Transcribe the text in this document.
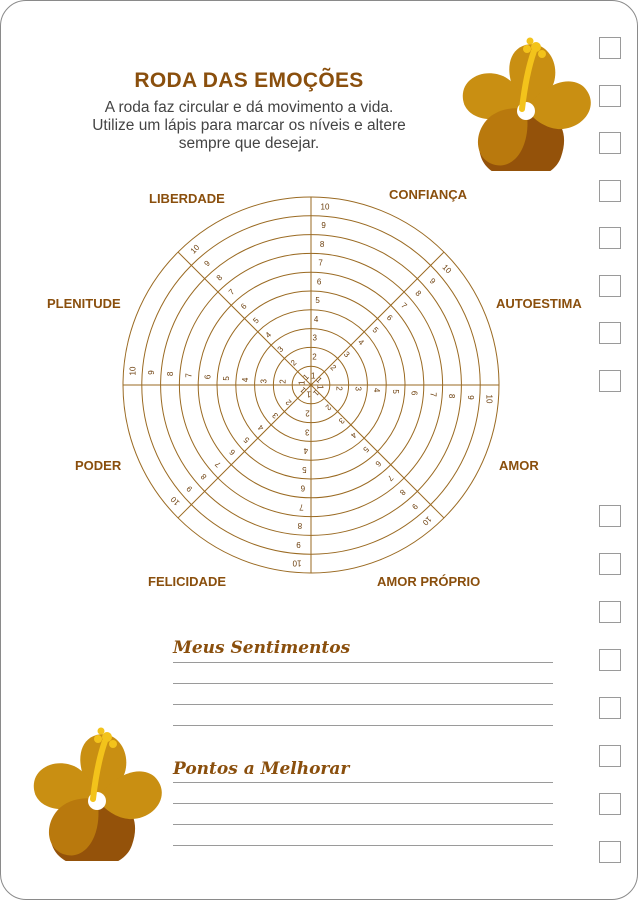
RODA DAS EMOÇÕES
A roda faz circular e dá movimento a vida.
Utilize um lápis para marcar os níveis e altere
sempre que desejar.
1
2
3
4
5
6
7
8
9
10
1
2
3
4
5
6
7
8
9
10
1 2 3 4 5 6 7 8 9 10
1
2
3
4
5
6
7
8
9
10
1
2
3
4
5
6
7
8
9
10
1
2
3
4
5
6
7
8
9
10
1
2
3
4
5
6
7
8
9
10
1
2
3
4
5
6
7
8
9
10
LIBERDADE	CONFIANÇA
PLENITUDE	AUTOESTIMA
PODER	AMOR
FELICIDADE	AMOR PRÓPRIO
Meus Sentimentos
Pontos a Melhorar
